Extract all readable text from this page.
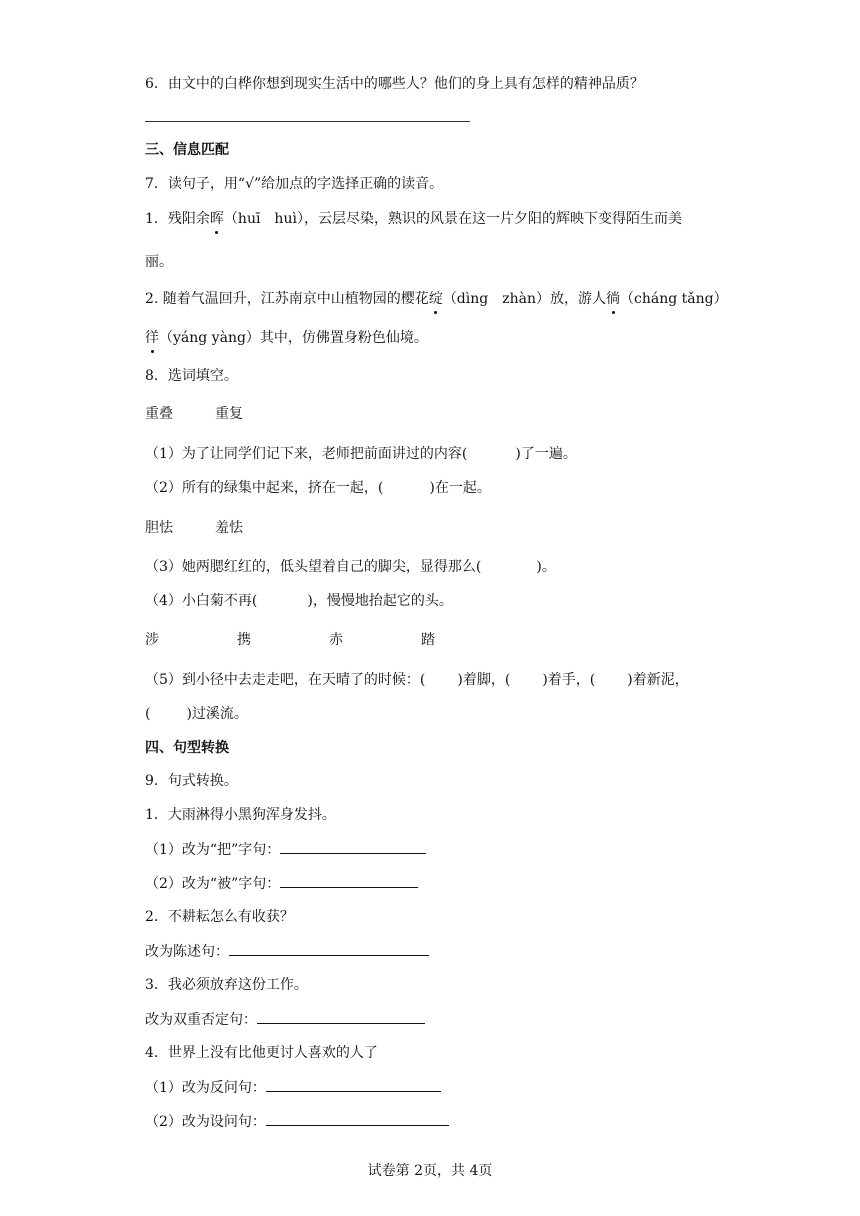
6．由文中的白桦你想到现实生活中的哪些人？他们的身上具有怎样的精神品质？
三、信息匹配
7．读句子，用“√”给加点的字选择正确的读音。
1．残阳余晖（huī　huì），云层尽染，熟识的风景在这一片夕阳的辉映下变得陌生而美
丽。
2. 随着气温回升，江苏南京中山植物园的樱花绽（dìng　zhàn）放，游人徜（cháng tǎng）
徉（yáng yàng）其中，仿佛置身粉色仙境。
8．选词填空。
重叠	重复
（1）为了让同学们记下来，老师把前面讲过的内容(	)了一遍。
（2）所有的绿集中起来，挤在一起，(	)在一起。
胆怯	羞怯
（3）她两腮红红的，低头望着自己的脚尖，显得那么(	)。
（4）小白菊不再(	)，慢慢地抬起它的头。
涉	携	赤	踏
（5）到小径中去走走吧，在天晴了的时候：( )着脚，( )着手，( )着新泥，
(	)过溪流。
四、句型转换
9．句式转换。
1．大雨淋得小黑狗浑身发抖。
（1）改为“把”字句：
（2）改为“被”字句：
2．不耕耘怎么有收获？
改为陈述句：
3．我必须放弃这份工作。
改为双重否定句：
4．世界上没有比他更讨人喜欢的人了
（1）改为反问句：
（2）改为设问句：
试卷第 2页，共 4页
